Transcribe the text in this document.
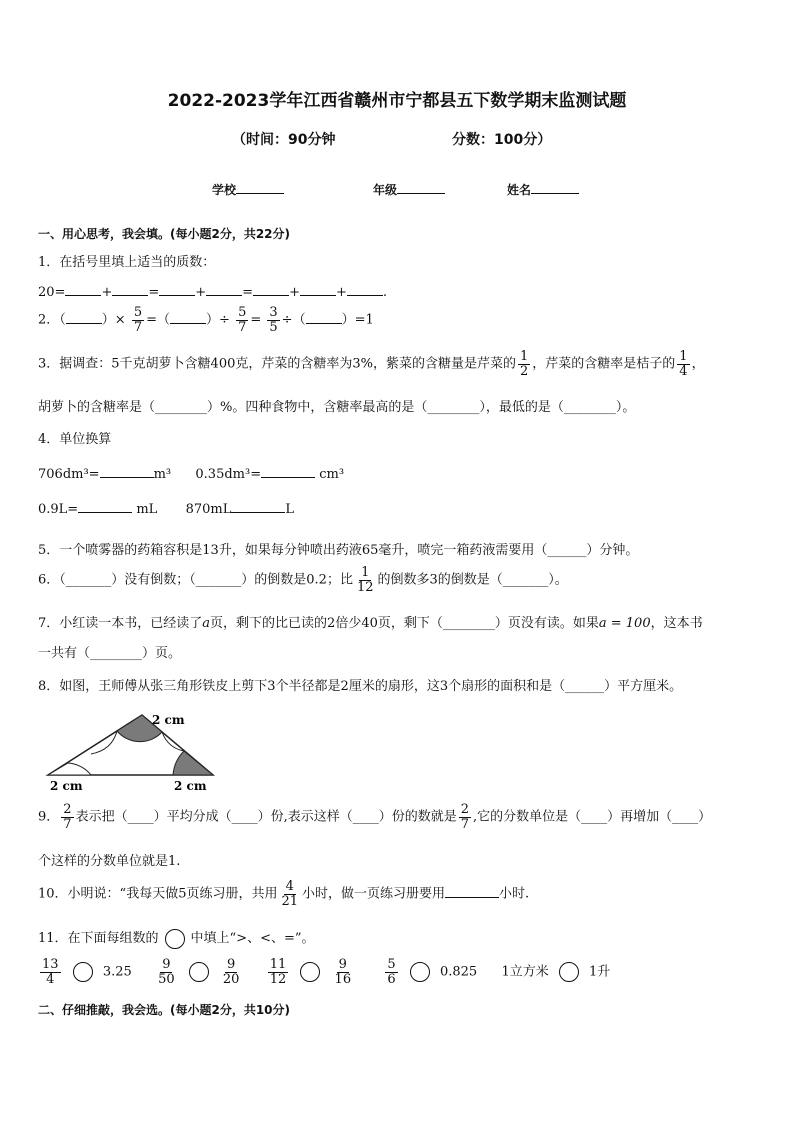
2022-2023学年江西省赣州市宁都县五下数学期末监测试题
（时间：90分钟	分数：100分）
学校	年级	姓名
一、用心思考，我会填。(每小题2分，共22分)
1．在括号里填上适当的质数：
20=	+	=	+	=	+	+	.
2．（	）× $\frac{5}{7}$ =（	）÷ $\frac{5}{7} = \frac{3}{5}$ ÷（	）=1
3．据调查：5千克胡萝卜含糖400克，芹菜的含糖率为3%，紫菜的含糖量是芹菜的 $\frac{1}{2}$ ，芹菜的含糖率是桔子的 $\frac{1}{4}$ ，
胡萝卜的含糖率是（________）%。四种食物中，含糖率最高的是（________），最低的是（________）。
4．单位换算
706dm³=	m³ 0.35dm³=	cm³
0.9L=	mL 870mL	L
5．一个喷雾器的药箱容积是13升，如果每分钟喷出药液65毫升，喷完一箱药液需要用（______）分钟。
6．（_______）没有倒数；（_______）的倒数是0.2；比 $\frac{1}{12}$ 的倒数多3的倒数是（_______）。
7．小红读一本书，已经读了a页，剩下的比已读的2倍少40页，剩下（________）页没有读。如果a = 100，这本书
一共有（________）页。
8．如图，王师傅从张三角形铁皮上剪下3个半径都是2厘米的扇形，这3个扇形的面积和是（______）平方厘米。
2 cm
2 cm	2 cm
9． $\frac{2}{7}$ 表示把（____）平均分成（____）份,表示这样（____）份的数就是 $\frac{2}{7}$ ,它的分数单位是（____）再增加（____）
个这样的分数单位就是1.
10．小明说：“我每天做5页练习册，共用 $\frac{4}{21}$ 小时，做一页练习册要用	小时.
11．在下面每组数的 中填上“>、<、=”。
$\frac{13}{4}$	$3.25 \frac{9}{50}$
	$\frac{9}{20}$
$\frac{11}{12}$
	$\frac{9}{16}$
$\frac{5}{6}$	0.825 1立方米	1升
二、仔细推敲，我会选。(每小题2分，共10分)
